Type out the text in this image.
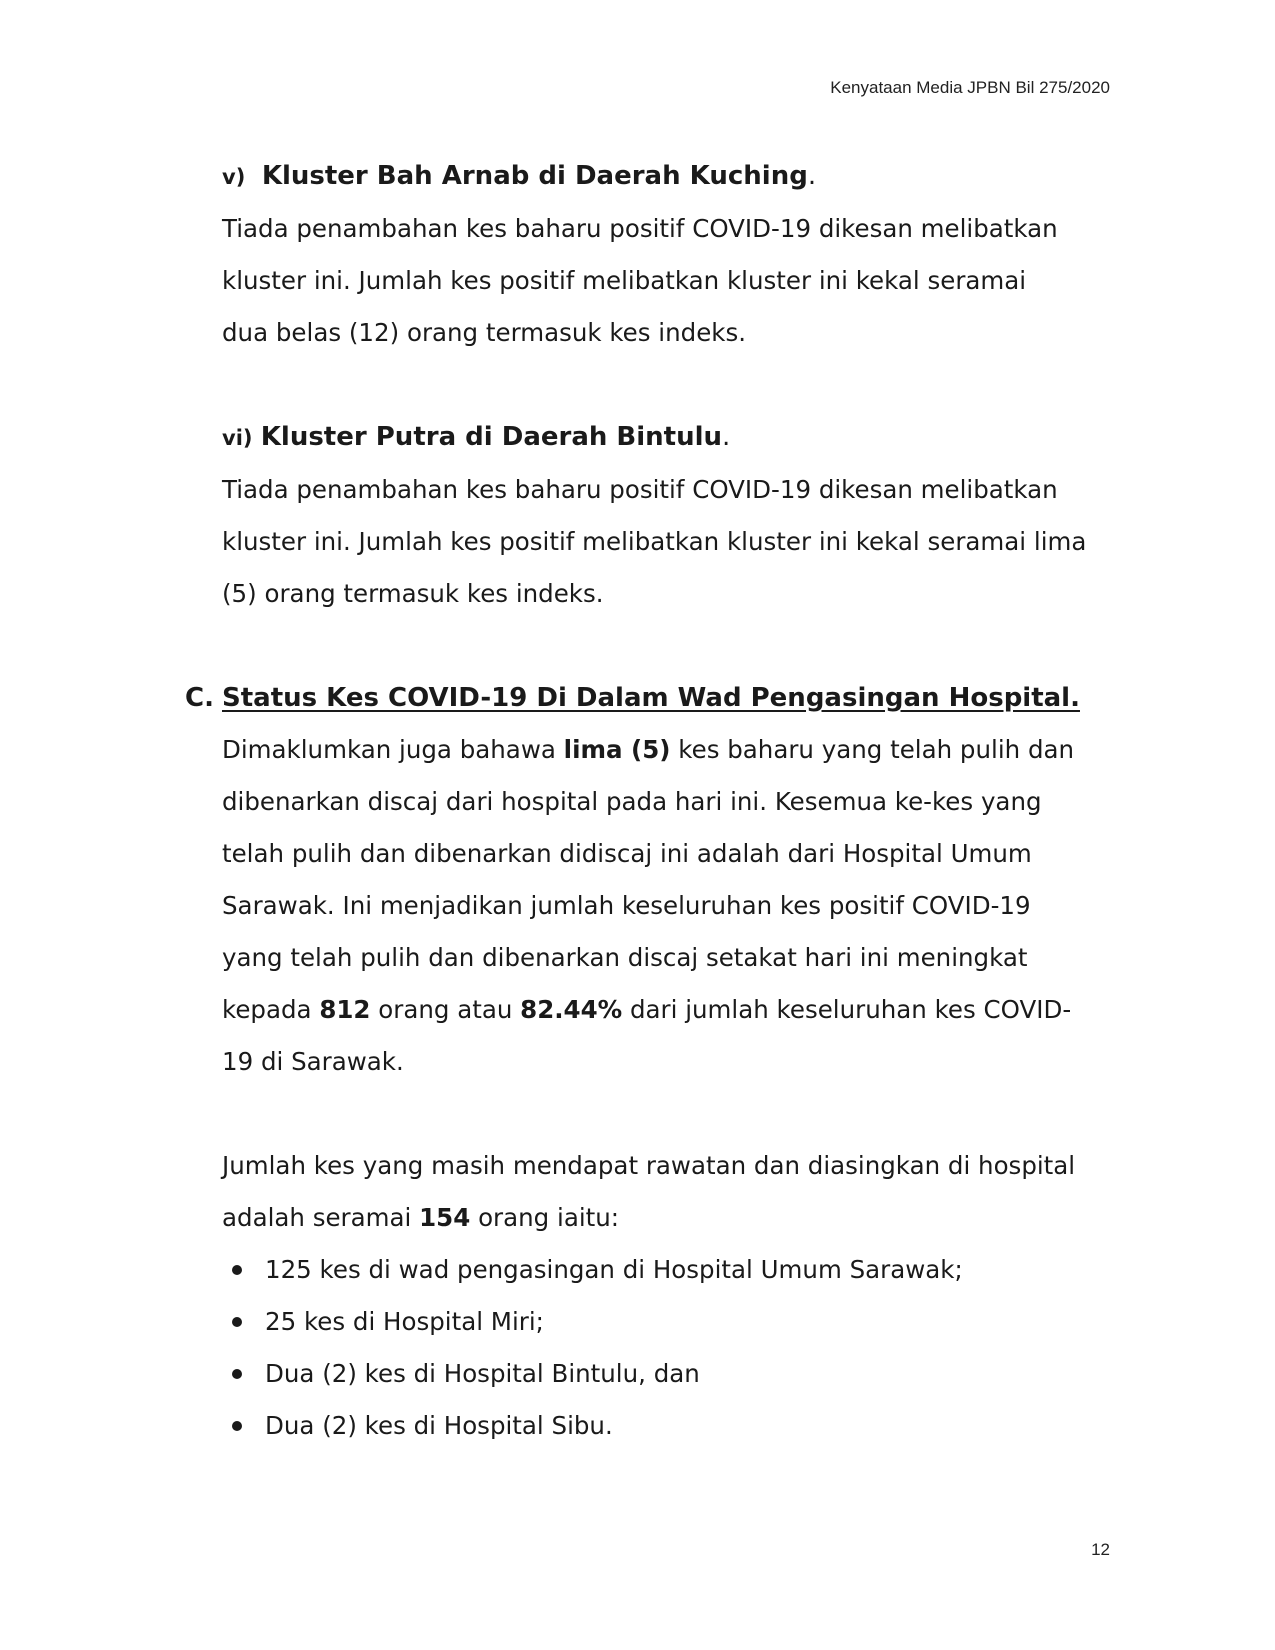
Kenyataan Media JPBN Bil 275/2020

v) Kluster Bah Arnab di Daerah Kuching.

Tiada penambahan kes baharu positif COVID-19 dikesan melibatkan

kluster ini. Jumlah kes positif melibatkan kluster ini kekal seramai

dua belas (12) orang termasuk kes indeks.

vi) Kluster Putra di Daerah Bintulu.

Tiada penambahan kes baharu positif COVID-19 dikesan melibatkan

kluster ini. Jumlah kes positif melibatkan kluster ini kekal seramai lima

(5) orang termasuk kes indeks.

C. Status Kes COVID-19 Di Dalam Wad Pengasingan Hospital.

Dimaklumkan juga bahawa lima (5) kes baharu yang telah pulih dan

dibenarkan discaj dari hospital pada hari ini. Kesemua ke-kes yang

telah pulih dan dibenarkan didiscaj ini adalah dari Hospital Umum

Sarawak. Ini menjadikan jumlah keseluruhan kes positif COVID-19

yang telah pulih dan dibenarkan discaj setakat hari ini meningkat

kepada 812 orang atau 82.44% dari jumlah keseluruhan kes COVID-

19 di Sarawak.

Jumlah kes yang masih mendapat rawatan dan diasingkan di hospital

adalah seramai 154 orang iaitu:

125 kes di wad pengasingan di Hospital Umum Sarawak;
25 kes di Hospital Miri;
Dua (2) kes di Hospital Bintulu, dan
Dua (2) kes di Hospital Sibu.
12
